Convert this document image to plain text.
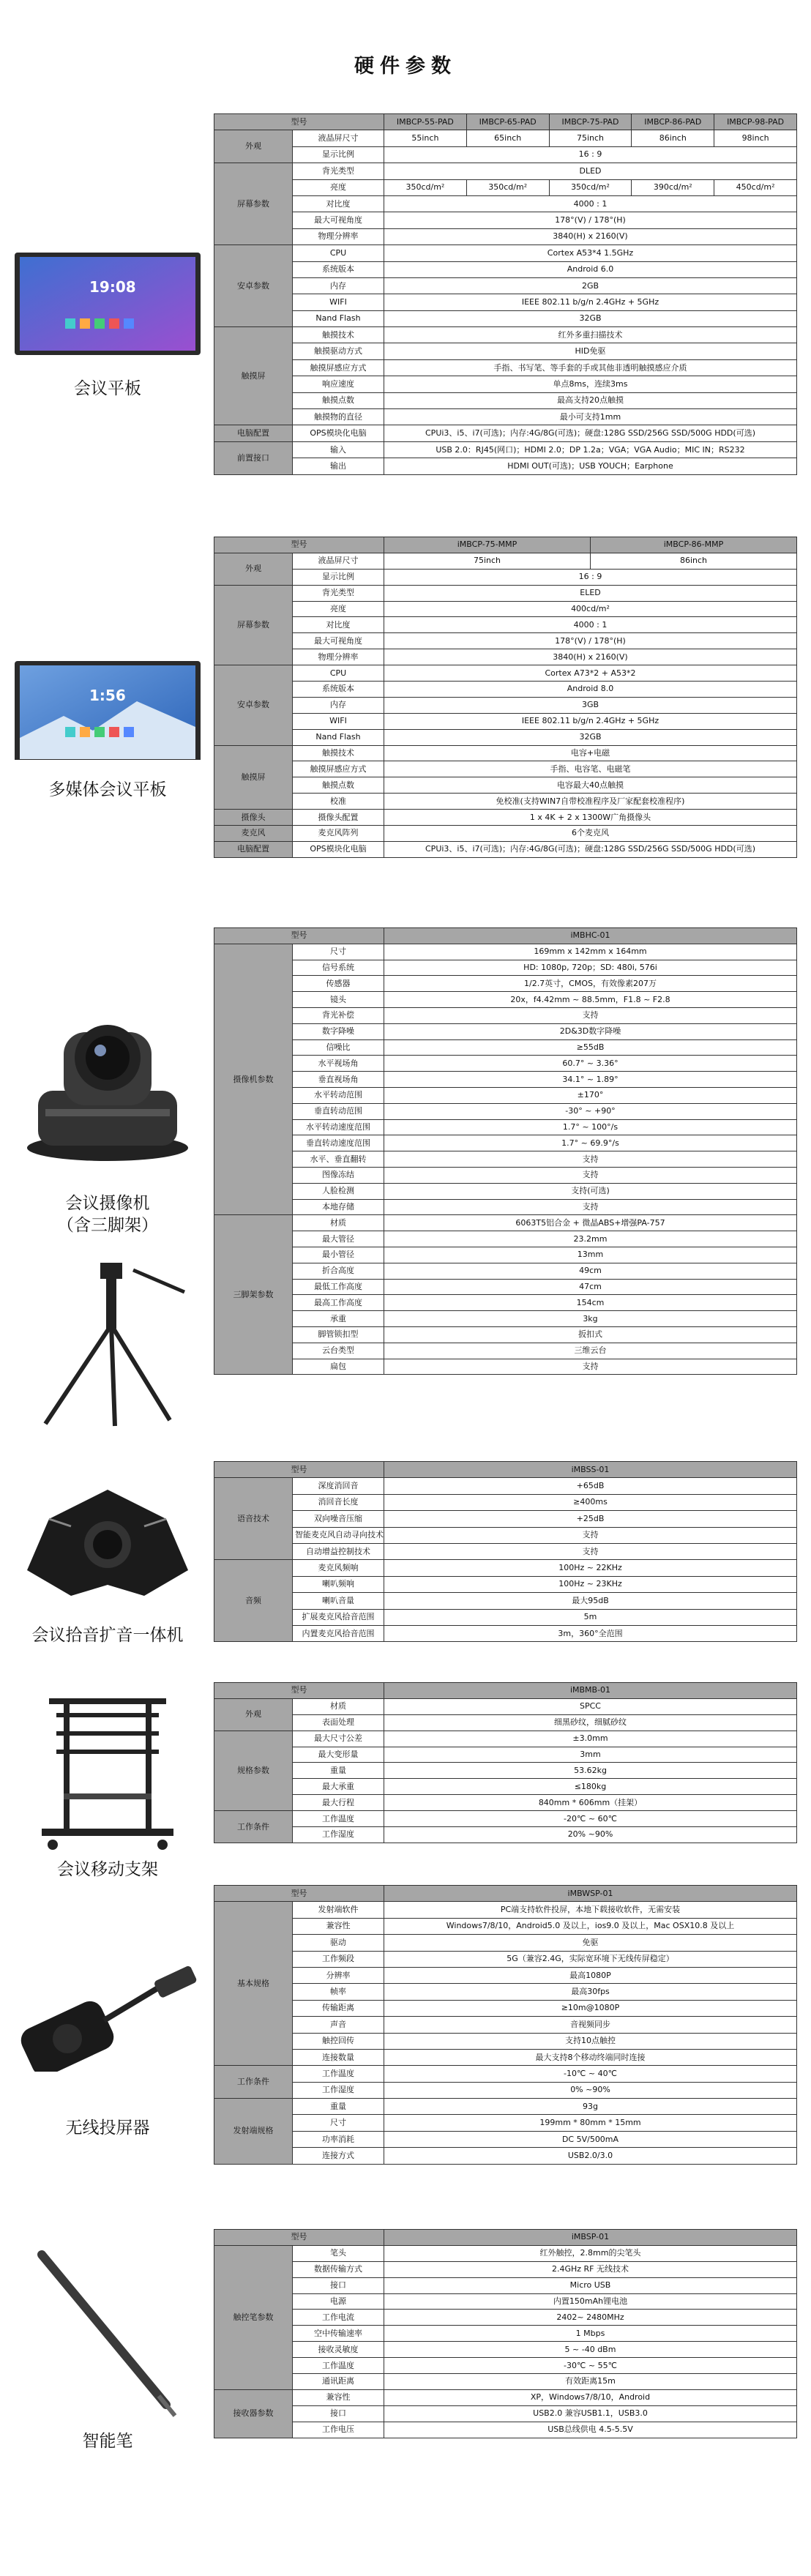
硬件参数
19:08
会议平板
型号		IMBCP-55-PAD	IMBCP-65-PAD	IMBCP-75-PAD	IMBCP-86-PAD	IMBCP-98-PAD
外观	液晶屏尺寸	55inch	65inch	75inch	86inch	98inch
	显示比例	16 : 9				
屏幕参数	背光类型	DLED				
	亮度	350cd/m²	350cd/m²	350cd/m²	390cd/m²	450cd/m²
	对比度	4000 : 1				
	最大可视角度	178°(V) / 178°(H)				
	物理分辨率	3840(H) x 2160(V)				
安卓参数	CPU	Cortex A53*4 1.5GHz				
	系统版本	Android 6.0				
	内存	2GB				
	WIFI	IEEE 802.11 b/g/n 2.4GHz + 5GHz				
	Nand Flash	32GB				
触摸屏	触摸技术	红外多重扫描技术				
	触摸驱动方式	HID免驱				
	触摸屏感应方式	手指、书写笔、等手套的手或其他非透明触摸感应介质				
	响应速度	单点8ms，连续3ms				
	触摸点数	最高支持20点触摸				
	触摸物的直径	最小可支持1mm				
电脑配置	OPS模块化电脑	CPUi3、i5、i7(可选)；内存:4G/8G(可选)；硬盘:128G SSD/256G SSD/500G HDD(可选)				
前置接口	输入	USB 2.0：RJ45(网口)；HDMI 2.0；DP 1.2a；VGA；VGA Audio；MIC IN；RS232				
	输出	HDMI OUT(可选)；USB YOUCH；Earphone				
1:56
多媒体会议平板
型号		iMBCP-75-MMP	iMBCP-86-MMP
外观	液晶屏尺寸	75inch	86inch
	显示比例	16 : 9	
屏幕参数	背光类型	ELED	
	亮度	400cd/m²	
	对比度	4000 : 1	
	最大可视角度	178°(V) / 178°(H)	
	物理分辨率	3840(H) x 2160(V)	
安卓参数	CPU	Cortex A73*2 + A53*2	
	系统版本	Android 8.0	
	内存	3GB	
	WIFI	IEEE 802.11 b/g/n 2.4GHz + 5GHz	
	Nand Flash	32GB	
触摸屏	触摸技术	电容+电磁	
	触摸屏感应方式	手指、电容笔、电磁笔	
	触摸点数	电容最大40点触摸	
	校准	免校准(支持WIN7自带校准程序及厂家配套校准程序)	
摄像头	摄像头配置	1 x 4K + 2 x 1300W广角摄像头	
麦克风	麦克风阵列	6个麦克风	
电脑配置	OPS模块化电脑	CPUi3、i5、i7(可选)；内存:4G/8G(可选)；硬盘:128G SSD/256G SSD/500G HDD(可选)	
会议摄像机
（含三脚架）
型号		iMBHC-01
摄像机参数	尺寸	169mm x 142mm x 164mm
	信号系统	HD: 1080p, 720p；SD: 480i, 576i
	传感器	1/2.7英寸，CMOS，有效像素207万
	镜头	20x，f4.42mm ~ 88.5mm，F1.8 ~ F2.8
	背光补偿	支持
	数字降噪	2D&3D数字降噪
	信噪比	≥55dB
	水平视场角	60.7° ~ 3.36°
	垂直视场角	34.1° ~ 1.89°
	水平转动范围	±170°
	垂直转动范围	-30° ~ +90°
	水平转动速度范围	1.7° ~ 100°/s
	垂直转动速度范围	1.7° ~ 69.9°/s
	水平、垂直翻转	支持
	图像冻结	支持
	人脸检测	支持(可选)
	本地存储	支持
三脚架参数	材质	6063T5铝合金 + 微晶ABS+增强PA-757
	最大管径	23.2mm
	最小管径	13mm
	折合高度	49cm
	最低工作高度	47cm
	最高工作高度	154cm
	承重	3kg
	脚管锁扣型	扳扣式
	云台类型	三维云台
	扁包	支持
会议拾音扩音一体机
型号		iMBSS-01
语音技术	深度消回音	+65dB
	消回音长度	≥400ms
	双向噪音压缩	+25dB
	智能麦克风自动寻向技术	支持
	自动增益控制技术	支持
音频	麦克风频响	100Hz ~ 22KHz
	喇叭频响	100Hz ~ 23KHz
	喇叭音量	最大95dB
	扩展麦克风拾音范围	5m
	内置麦克风拾音范围	3m，360°全范围
会议移动支架
型号		iMBMB-01
外观	材质	SPCC
	表面处理	细黑砂纹，细腻砂纹
规格参数	最大尺寸公差	±3.0mm
	最大变形量	3mm
	重量	53.62kg
	最大承重	≤180kg
	最大行程	840mm * 606mm（挂架）
工作条件	工作温度	-20℃ ~ 60℃
	工作湿度	20% ~90%
无线投屏器
型号		iMBWSP-01
基本规格	发射端软件	PC端支持软件投屏，本地下载接收软件，无需安装
	兼容性	Windows7/8/10，Android5.0 及以上，ios9.0 及以上，Mac OSX10.8 及以上
	驱动	免驱
	工作频段	5G（兼容2.4G，实际宽环境下无线传屏稳定）
	分辨率	最高1080P
	帧率	最高30fps
	传输距离	≥10m@1080P
	声音	音视频同步
	触控回传	支持10点触控
	连接数量	最大支持8个移动终端同时连接
工作条件	工作温度	-10℃ ~ 40℃
	工作湿度	0% ~90%
发射端规格	重量	93g
	尺寸	199mm * 80mm * 15mm
	功率消耗	DC 5V/500mA
	连接方式	USB2.0/3.0
智能笔
型号		iMBSP-01
触控笔参数	笔头	红外触控，2.8mm的尖笔头
	数据传输方式	2.4GHz RF 无线技术
	接口	Micro USB
	电源	内置150mAh锂电池
	工作电流	2402~ 2480MHz
	空中传输速率	1 Mbps
	接收灵敏度	5 ~ -40 dBm
	工作温度	-30℃ ~ 55℃
	通讯距离	有效距离15m
接收器参数	兼容性	XP，Windows7/8/10，Android
	接口	USB2.0 兼容USB1.1，USB3.0
	工作电压	USB总线供电 4.5-5.5V
